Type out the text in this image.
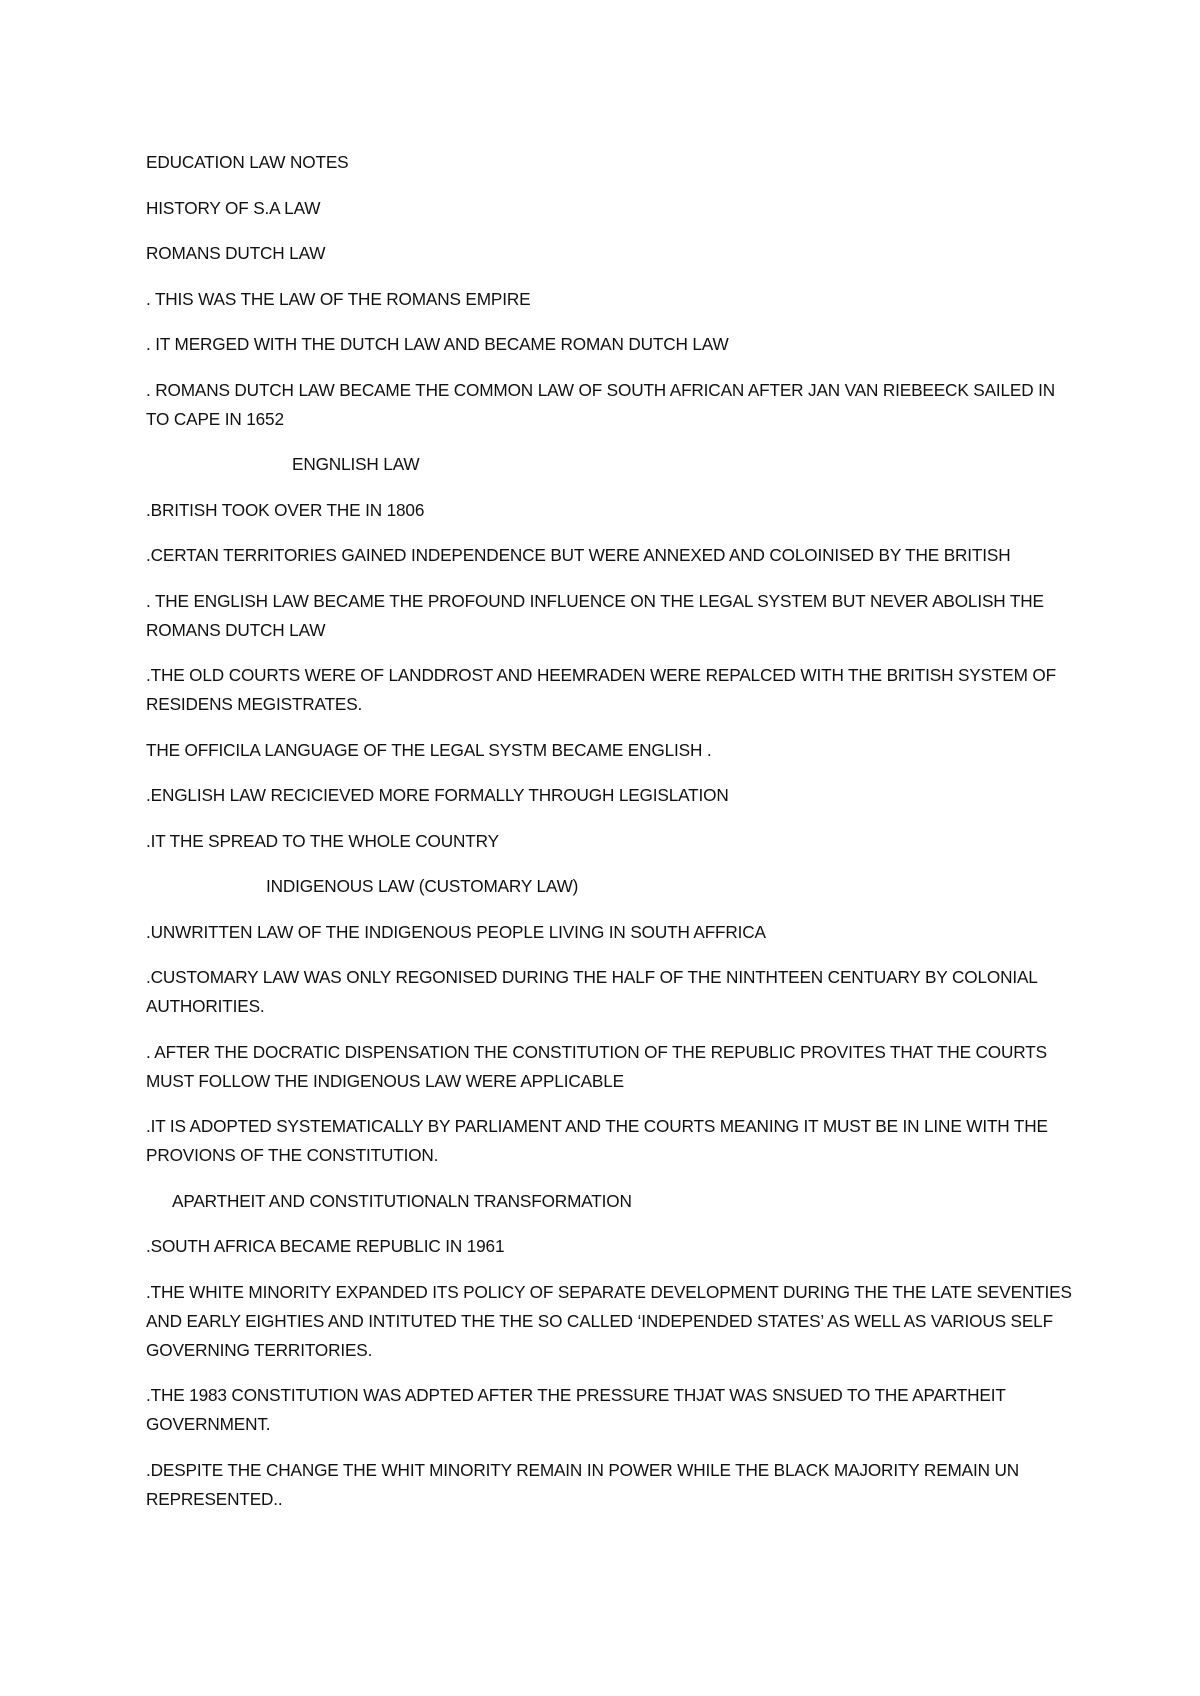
EDUCATION LAW NOTES

HISTORY OF S.A LAW

ROMANS DUTCH LAW

. THIS WAS THE LAW OF THE ROMANS EMPIRE

. IT MERGED WITH THE DUTCH LAW AND BECAME ROMAN DUTCH LAW

. ROMANS DUTCH LAW BECAME THE COMMON LAW OF SOUTH AFRICAN AFTER JAN VAN RIEBEECK SAILED IN TO CAPE IN 1652

ENGNLISH LAW

.BRITISH TOOK OVER THE IN 1806

.CERTAN TERRITORIES GAINED INDEPENDENCE BUT WERE ANNEXED AND COLOINISED BY THE BRITISH

. THE ENGLISH LAW BECAME THE PROFOUND INFLUENCE ON THE LEGAL SYSTEM BUT NEVER ABOLISH THE ROMANS DUTCH LAW

.THE OLD COURTS WERE OF LANDDROST AND HEEMRADEN WERE REPALCED WITH THE BRITISH SYSTEM OF RESIDENS MEGISTRATES.

THE OFFICILA LANGUAGE OF THE LEGAL SYSTM BECAME ENGLISH .

.ENGLISH LAW RECICIEVED MORE FORMALLY THROUGH LEGISLATION

.IT THE SPREAD TO THE WHOLE COUNTRY

INDIGENOUS LAW (CUSTOMARY LAW)

.UNWRITTEN LAW OF THE INDIGENOUS PEOPLE LIVING IN SOUTH AFFRICA

.CUSTOMARY LAW WAS ONLY REGONISED DURING THE HALF OF THE NINTHTEEN CENTUARY BY COLONIAL AUTHORITIES.

. AFTER THE DOCRATIC DISPENSATION THE CONSTITUTION OF THE REPUBLIC PROVITES THAT THE COURTS MUST FOLLOW THE INDIGENOUS LAW WERE APPLICABLE

.IT IS ADOPTED SYSTEMATICALLY BY PARLIAMENT AND THE COURTS MEANING IT MUST BE IN LINE WITH THE PROVIONS OF THE CONSTITUTION.

APARTHEIT AND CONSTITUTIONALN TRANSFORMATION

.SOUTH AFRICA BECAME REPUBLIC IN 1961

.THE WHITE MINORITY EXPANDED ITS POLICY OF SEPARATE DEVELOPMENT DURING THE THE LATE SEVENTIES AND EARLY EIGHTIES AND INTITUTED THE THE SO CALLED ‘INDEPENDED STATES’ AS WELL AS VARIOUS SELF GOVERNING TERRITORIES.

.THE 1983 CONSTITUTION WAS ADPTED AFTER THE PRESSURE THJAT WAS SNSUED TO THE APARTHEIT GOVERNMENT.

.DESPITE THE CHANGE THE WHIT MINORITY REMAIN IN POWER WHILE THE BLACK MAJORITY REMAIN UN REPRESENTED..
